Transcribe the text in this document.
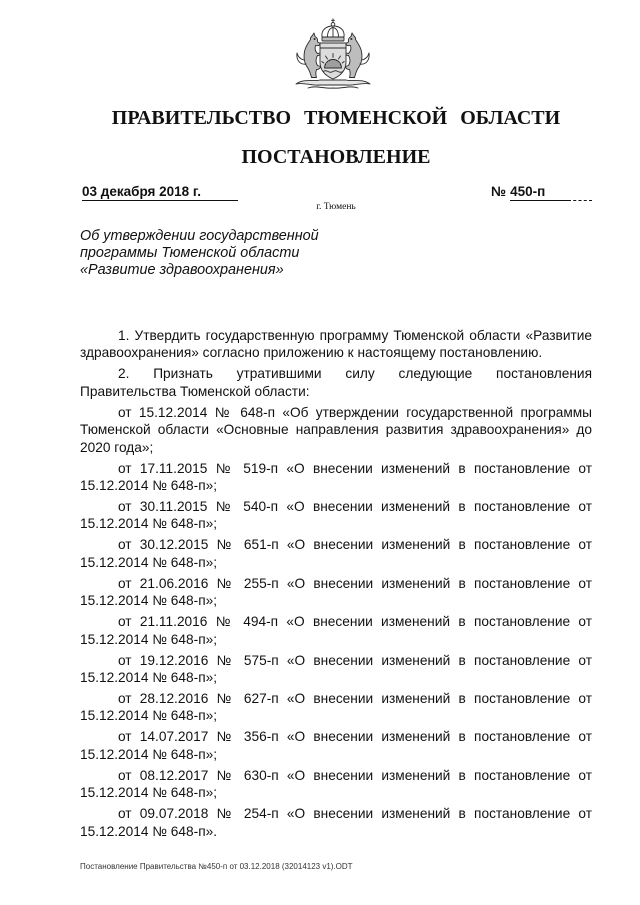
ПРАВИТЕЛЬСТВО ТЮМЕНСКОЙ ОБЛАСТИ
ПОСТАНОВЛЕНИЕ
03 декабря 2018 г.	№ 450-п
г. Тюмень
Об утверждении государственной
программы Тюменской области
«Развитие здравоохранения»
1. Утвердить государственную программу Тюменской области «Развитие
здравоохранения» согласно приложению к настоящему постановлению.
2. Признать утратившими силу следующие постановления
Правительства Тюменской области:
от 15.12.2014 № 648-п «Об утверждении государственной программы
Тюменской области «Основные направления развития здравоохранения» до
2020 года»;
от 17.11.2015 № 519-п «О внесении изменений в постановление от
15.12.2014 № 648-п»;
от 30.11.2015 № 540-п «О внесении изменений в постановление от
15.12.2014 № 648-п»;
от 30.12.2015 № 651-п «О внесении изменений в постановление от
15.12.2014 № 648-п»;
от 21.06.2016 № 255-п «О внесении изменений в постановление от
15.12.2014 № 648-п»;
от 21.11.2016 № 494-п «О внесении изменений в постановление от
15.12.2014 № 648-п»;
от 19.12.2016 № 575-п «О внесении изменений в постановление от
15.12.2014 № 648-п»;
от 28.12.2016 № 627-п «О внесении изменений в постановление от
15.12.2014 № 648-п»;
от 14.07.2017 № 356-п «О внесении изменений в постановление от
15.12.2014 № 648-п»;
от 08.12.2017 № 630-п «О внесении изменений в постановление от
15.12.2014 № 648-п»;
от 09.07.2018 № 254-п «О внесении изменений в постановление от
15.12.2014 № 648-п».
Постановление Правительства №450-п от 03.12.2018 (32014123 v1).ODT
